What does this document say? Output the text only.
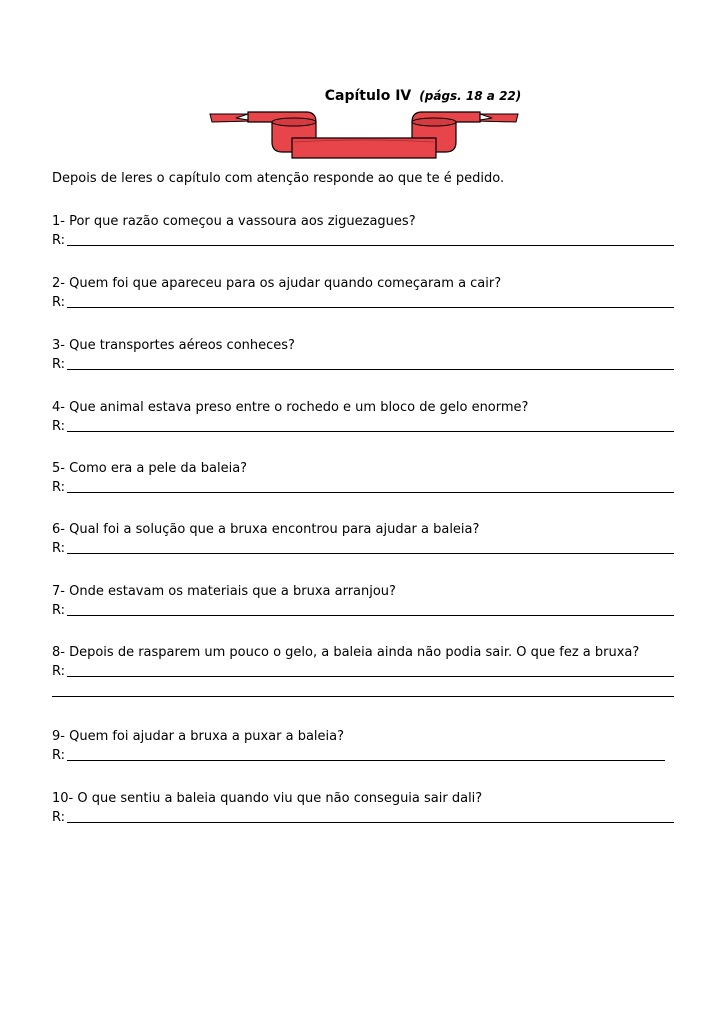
Capítulo IV (págs. 18 a 22)
Depois de leres o capítulo com atenção responde ao que te é pedido.
1- Por que razão começou a vassoura aos ziguezagues?
R:
2- Quem foi que apareceu para os ajudar quando começaram a cair?
R:
3- Que transportes aéreos conheces?
R:
4- Que animal estava preso entre o rochedo e um bloco de gelo enorme?
R:
5- Como era a pele da baleia?
R:
6- Qual foi a solução que a bruxa encontrou para ajudar a baleia?
R:
7- Onde estavam os materiais que a bruxa arranjou?
R:
8- Depois de rasparem um pouco o gelo, a baleia ainda não podia sair. O que fez a bruxa?
R:
9- Quem foi ajudar a bruxa a puxar a baleia?
R:
10- O que sentiu a baleia quando viu que não conseguia sair dali?
R:
